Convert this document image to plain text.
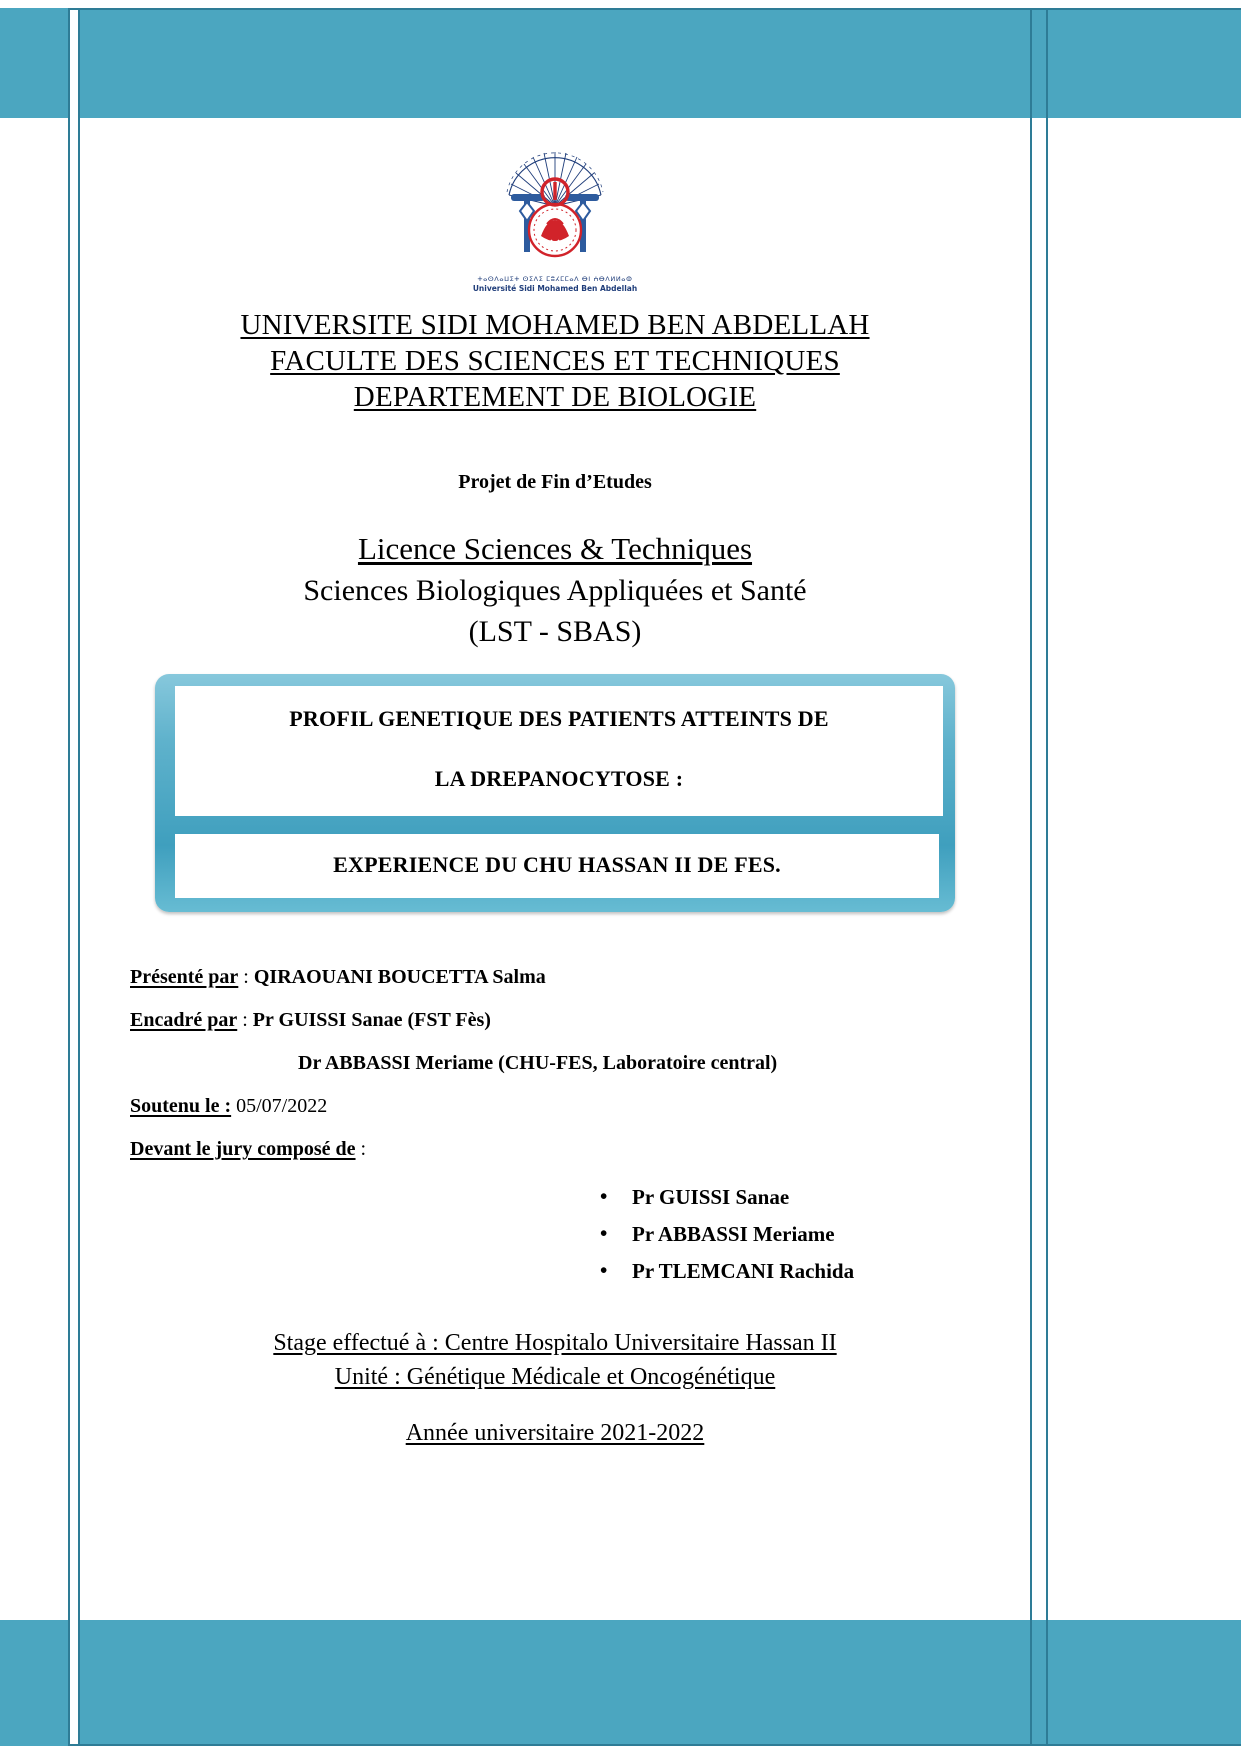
ⵜⴰⵙⴷⴰⵡⵉⵜ ⵙⵉⴷⵉ ⵎⵓⵃⵎⵎⴰⴷ ⴱⵏ ⵄⴱⴷⵍⵍⴰⵀ
Université Sidi Mohamed Ben Abdellah
UNIVERSITE SIDI MOHAMED BEN ABDELLAH
FACULTE DES SCIENCES ET TECHNIQUES
DEPARTEMENT DE BIOLOGIE
Projet de Fin d’Etudes
Licence Sciences & Techniques
Sciences Biologiques Appliquées et Santé
(LST - SBAS)
PROFIL GENETIQUE DES PATIENTS ATTEINTS DE
LA DREPANOCYTOSE :
EXPERIENCE DU CHU HASSAN II DE FES.
Présenté par : QIRAOUANI BOUCETTA Salma
Encadré par : Pr GUISSI Sanae (FST Fès)
Dr ABBASSI Meriame (CHU-FES, Laboratoire central)
Soutenu le : 05/07/2022
Devant le jury composé de :
• Pr GUISSI Sanae
• Pr ABBASSI Meriame
• Pr TLEMCANI Rachida
Stage effectué à : Centre Hospitalo Universitaire Hassan II
Unité : Génétique Médicale et Oncogénétique
Année universitaire 2021-2022
